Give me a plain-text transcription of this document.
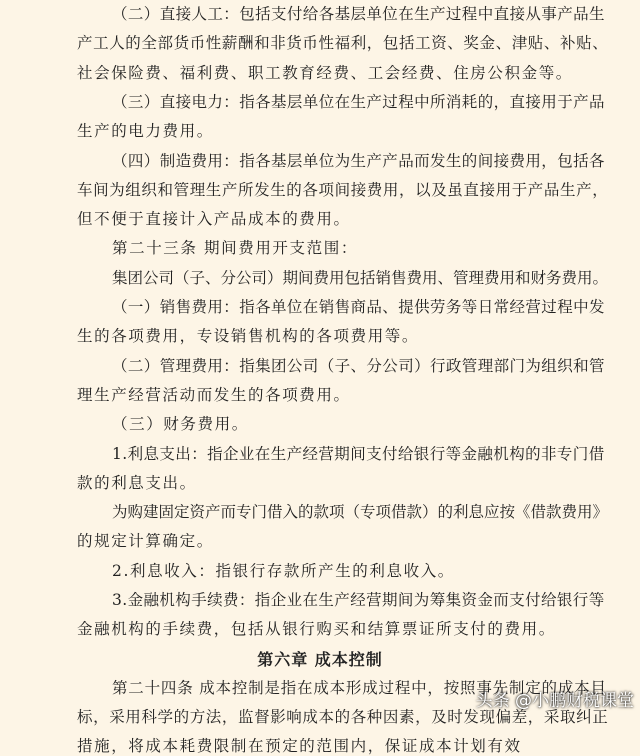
（二）直接人工：包括支付给各基层单位在生产过程中直接从事产品生
产工人的全部货币性薪酬和非货币性福利，包括工资、奖金、津贴、补贴、
社会保险费、福利费、职工教育经费、工会经费、住房公积金等。
（三）直接电力：指各基层单位在生产过程中所消耗的，直接用于产品
生产的电力费用。
（四）制造费用：指各基层单位为生产产品而发生的间接费用，包括各
车间为组织和管理生产所发生的各项间接费用，以及虽直接用于产品生产，
但不便于直接计入产品成本的费用。
第二十三条 期间费用开支范围：
集团公司（子、分公司）期间费用包括销售费用、管理费用和财务费用。
（一）销售费用：指各单位在销售商品、提供劳务等日常经营过程中发
生的各项费用，专设销售机构的各项费用等。
（二）管理费用：指集团公司（子、分公司）行政管理部门为组织和管
理生产经营活动而发生的各项费用。
（三）财务费用。
1.利息支出：指企业在生产经营期间支付给银行等金融机构的非专门借
款的利息支出。
为购建固定资产而专门借入的款项（专项借款）的利息应按《借款费用》
的规定计算确定。
2.利息收入：指银行存款所产生的利息收入。
3.金融机构手续费：指企业在生产经营期间为筹集资金而支付给银行等
金融机构的手续费，包括从银行购买和结算票证所支付的费用。
第六章 成本控制
第二十四条 成本控制是指在成本形成过程中，按照事先制定的成本目
标，采用科学的方法，监督影响成本的各种因素，及时发现偏差，采取纠正
措施，将成本耗费限制在预定的范围内，保证成本计划有效
头条 @小鹏财税课堂
